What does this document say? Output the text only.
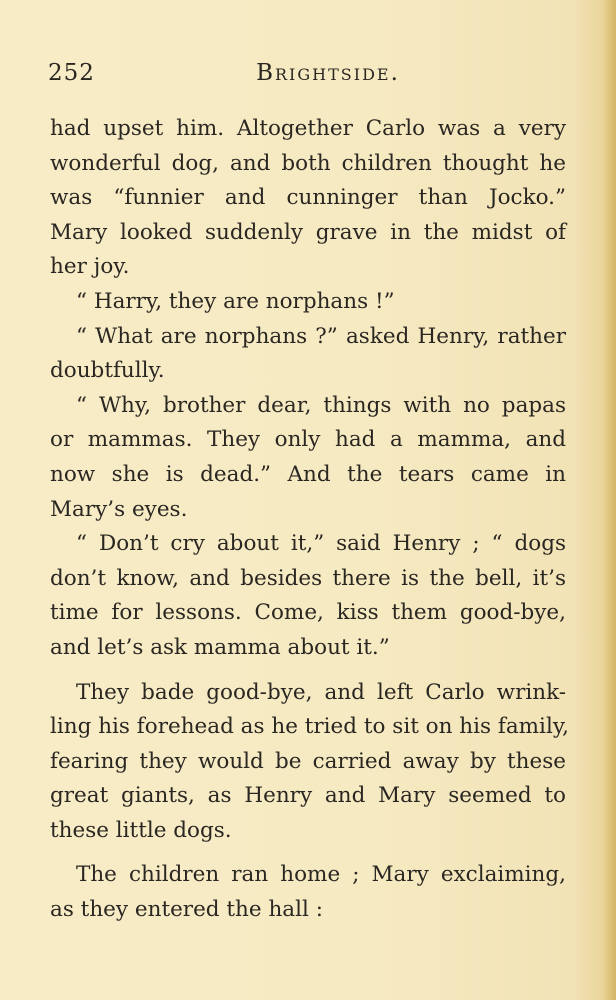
252	Brightside.
had upset him. Altogether Carlo was a very
wonderful dog, and both children thought he
was “funnier and cunninger than Jocko.”
Mary looked suddenly grave in the midst of
her joy.
“ Harry, they are norphans !”
“ What are norphans ?” asked Henry, rather
doubtfully.
“ Why, brother dear, things with no papas
or mammas. They only had a mamma, and
now she is dead.” And the tears came in
Mary’s eyes.
“ Don’t cry about it,” said Henry ; “ dogs
don’t know, and besides there is the bell, it’s
time for lessons. Come, kiss them good-bye,
and let’s ask mamma about it.”
They bade good-bye, and left Carlo wrink-
ling his forehead as he tried to sit on his family,
fearing they would be carried away by these
great giants, as Henry and Mary seemed to
these little dogs.
The children ran home ; Mary exclaiming,
as they entered the hall :
